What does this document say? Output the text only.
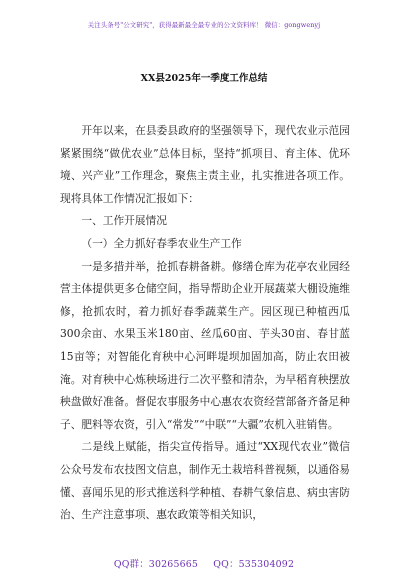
关注头条号"公文研究"，获得最新最全最专业的公文资料库！ 微信：gongwenyj
XX县2025年一季度工作总结

开年以来，在县委县政府的坚强领导下，现代农业示范园紧紧围绕“做优农业”总体目标，坚持“抓项目、育主体、优环境、兴产业”工作理念，聚焦主责主业，扎实推进各项工作。现将具体工作情况汇报如下：

一、工作开展情况

（一）全力抓好春季农业生产工作

一是多措并举，抢抓春耕备耕。修缮仓库为花亭农业园经营主体提供更多仓储空间，指导帮助企业开展蔬菜大棚设施维修，抢抓农时，着力抓好春季蔬菜生产。园区现已种植西瓜300余亩、水果玉米180亩、丝瓜60亩、芋头30亩、春甘蓝15亩等；对智能化育秧中心河畔堤坝加固加高，防止农田被淹。对育秧中心炼秧场进行二次平整和清杂，为早稻育秧摆放秧盘做好准备。督促农事服务中心惠农农资经营部备齐备足种子、肥料等农资，引入“常发”“中联”“大疆”农机入驻销售。

二是线上赋能，指尖宣传指导。通过“XX现代农业”微信公众号发布农技图文信息，制作无土栽培科普视频，以通俗易懂、喜闻乐见的形式推送科学种植、春耕气象信息、病虫害防治、生产注意事项、惠农政策等相关知识，

QQ群：30265665 QQ：535304092
